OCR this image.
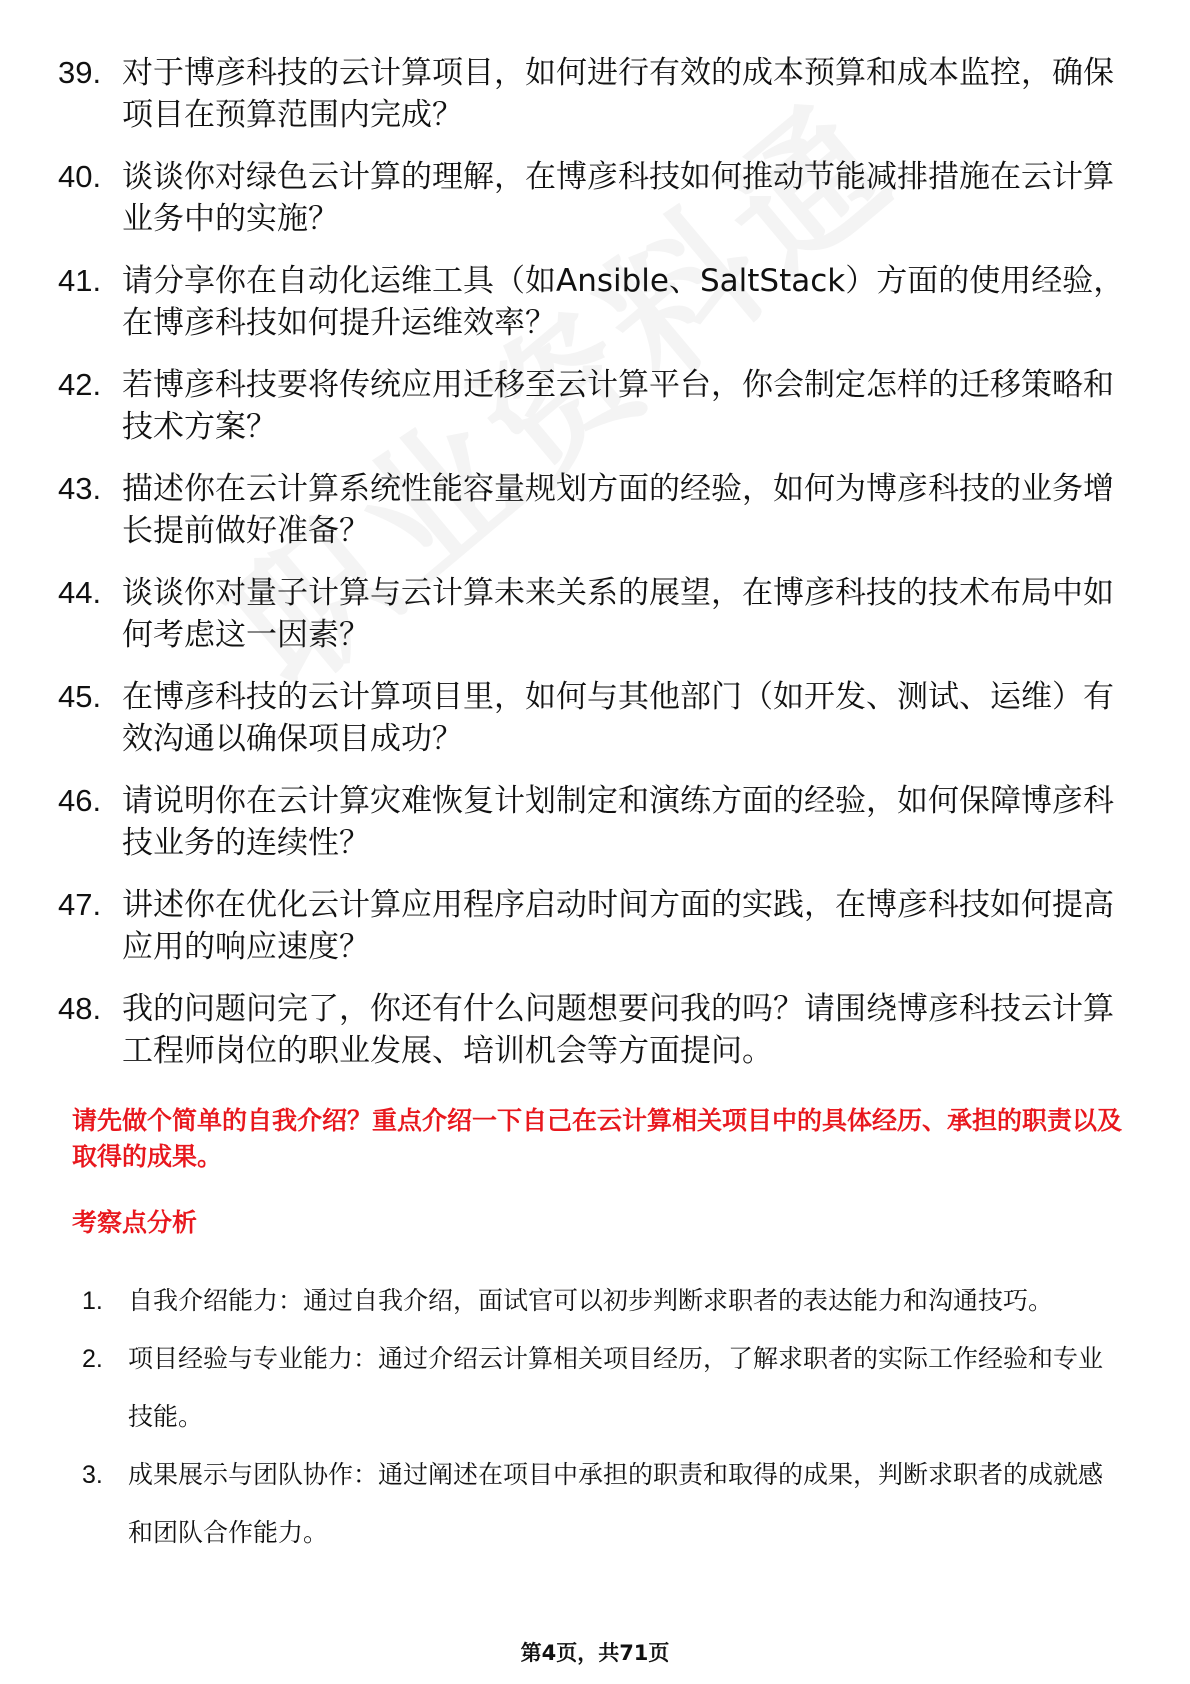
39. 对于博彦科技的云计算项目，如何进行有效的成本预算和成本监控，确保项目在预算范围内完成？
40. 谈谈你对绿色云计算的理解，在博彦科技如何推动节能减排措施在云计算业务中的实施？
41. 请分享你在自动化运维工具（如Ansible、SaltStack）方面的使用经验，在博彦科技如何提升运维效率？
42. 若博彦科技要将传统应用迁移至云计算平台，你会制定怎样的迁移策略和技术方案？
43. 描述你在云计算系统性能容量规划方面的经验，如何为博彦科技的业务增长提前做好准备？
44. 谈谈你对量子计算与云计算未来关系的展望，在博彦科技的技术布局中如何考虑这一因素？
45. 在博彦科技的云计算项目里，如何与其他部门（如开发、测试、运维）有效沟通以确保项目成功？
46. 请说明你在云计算灾难恢复计划制定和演练方面的经验，如何保障博彦科技业务的连续性？
47. 讲述你在优化云计算应用程序启动时间方面的实践，在博彦科技如何提高应用的响应速度？
48. 我的问题问完了，你还有什么问题想要问我的吗？请围绕博彦科技云计算工程师岗位的职业发展、培训机会等方面提问。
请先做个简单的自我介绍？重点介绍一下自己在云计算相关项目中的具体经历、承担的职责以及取得的成果。
考察点分析
1.	自我介绍能力：通过自我介绍，面试官可以初步判断求职者的表达能力和沟通技巧。
2.	项目经验与专业能力：通过介绍云计算相关项目经历，了解求职者的实际工作经验和专业技能。
3.	成果展示与团队协作：通过阐述在项目中承担的职责和取得的成果，判断求职者的成就感和团队合作能力。
第4页，共71页
